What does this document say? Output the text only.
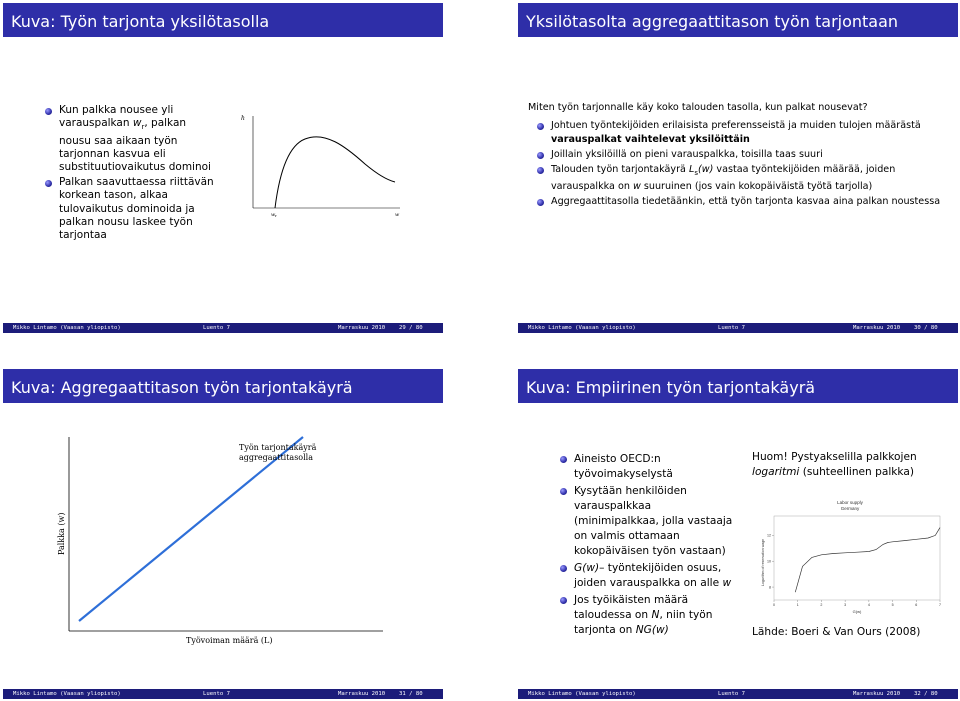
Kuva: Työn tarjonta yksilötasolla
Kun palkka nousee yli varauspalkan $w_r$, palkan nousu saa aikaan työn tarjonnan kasvua eli substituutiovaikutus dominoi
Palkan saavuttaessa riittävän korkean tason, alkaa tulovaikutus dominoida ja palkan nousu laskee työn tarjontaa
h
w r	w
Mikko Lintamo (Vaasan yliopisto)	Luento 7	Marraskuu 2010 29 / 80
Yksilötasolta aggregaattitason työn tarjontaan
Miten työn tarjonnalle käy koko talouden tasolla, kun palkat nousevat?
Johtuen työntekijöiden erilaisista preferensseistä ja muiden tulojen määrästä varauspalkat vaihtelevat yksilöittäin
Joillain yksilöillä on pieni varauspalkka, toisilla taas suuri
Talouden työn tarjontakäyrä $L_s(w)$ vastaa työntekijöiden määrää, joiden varauspalkka on w suuruinen (jos vain kokopäiväistä työtä tarjolla)
Aggregaattitasolla tiedetäänkin, että työn tarjonta kasvaa aina palkan noustessa
Mikko Lintamo (Vaasan yliopisto)	Luento 7	Marraskuu 2010 30 / 80
Kuva: Aggregaattitason työn tarjontakäyrä
Työn tarjontakäyrä
aggregaattitasolla
Palkka (w)
Työvoiman määrä (L)
Mikko Lintamo (Vaasan yliopisto)	Luento 7	Marraskuu 2010 31 / 80
Kuva: Empiirinen työn tarjontakäyrä
Aineisto OECD:n työvoimakyselystä
Kysytään henkilöiden varauspalkkaa (minimipalkkaa, jolla vastaaja on valmis ottamaan kokopäiväisen työn vastaan)
G(w)– työntekijöiden osuus, joiden varauspalkka on alle w
Jos työikäisten määrä taloudessa on N, niin työn tarjonta on NG(w)
Huom! Pystyakselilla palkkojen logaritmi (suhteellinen palkka)
Labor supply
Germany
Logarithm of reservation wage
G(w)
0	1	2	3	4	5	6	7
8
10
12
Lähde: Boeri & Van Ours (2008)
Mikko Lintamo (Vaasan yliopisto)	Luento 7	Marraskuu 2010 32 / 80
